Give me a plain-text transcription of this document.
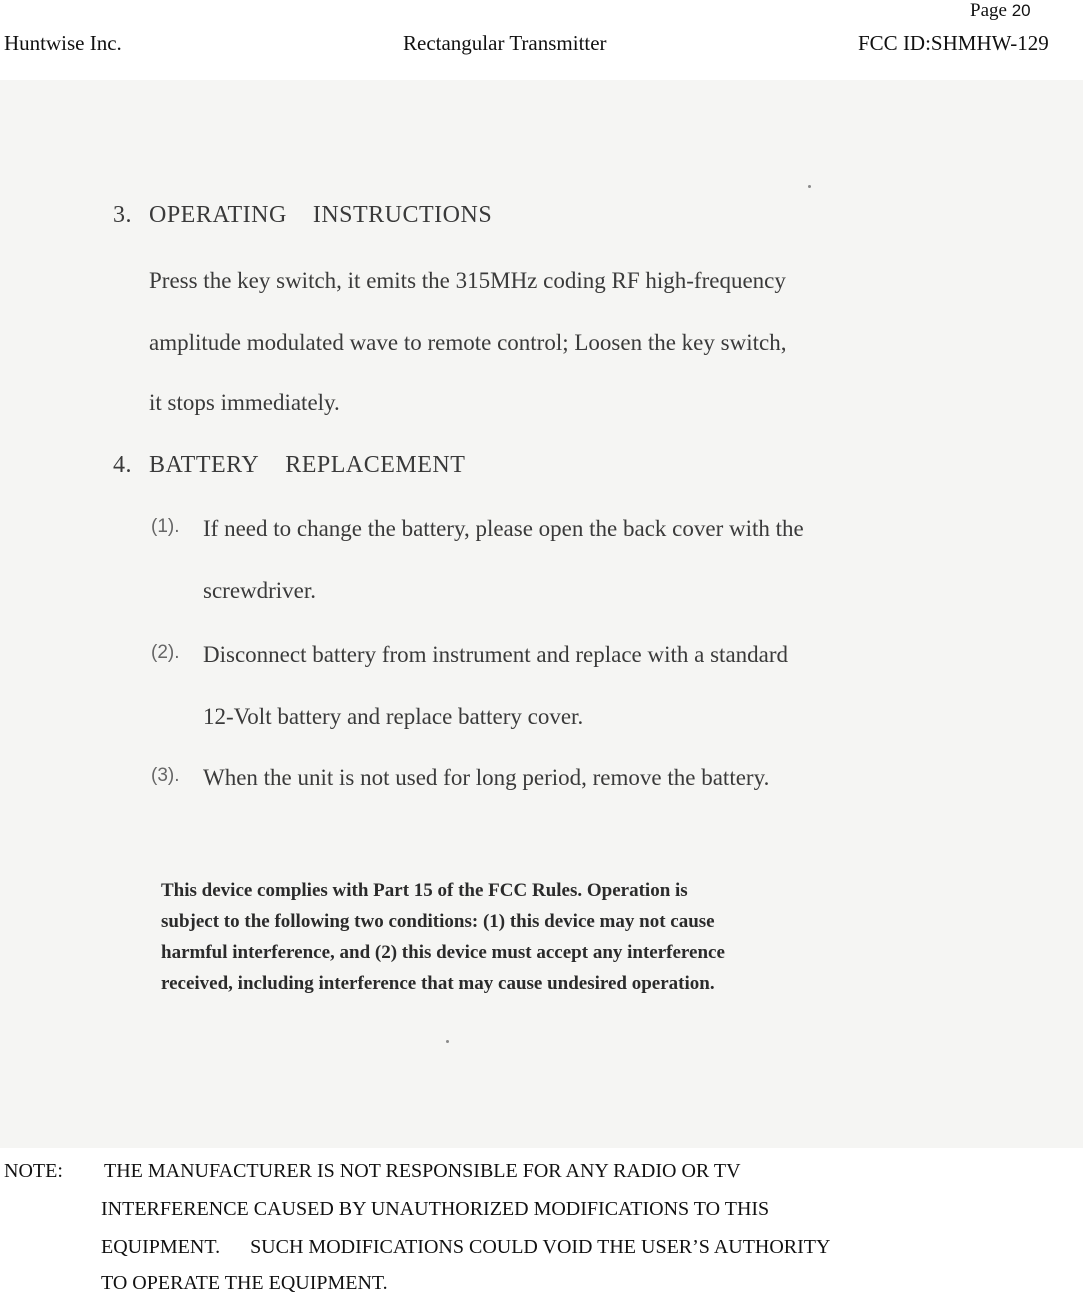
Page 20
Huntwise Inc.	Rectangular Transmitter	FCC ID:SHMHW-129
3. OPERATING INSTRUCTIONS
Press the key switch, it emits the 315MHz coding RF high-frequency
amplitude modulated wave to remote control; Loosen the key switch,
it stops immediately.
4. BATTERY REPLACEMENT
(1). If need to change the battery, please open the back cover with the
screwdriver.
(2). Disconnect battery from instrument and replace with a standard
12-Volt battery and replace battery cover.
(3). When the unit is not used for long period, remove the battery.
This device complies with Part 15 of the FCC Rules. Operation is
subject to the following two conditions: (1) this device may not cause
harmful interference, and (2) this device must accept any interference
received, including interference that may cause undesired operation.
NOTE: THE MANUFACTURER IS NOT RESPONSIBLE FOR ANY RADIO OR TV
INTERFERENCE CAUSED BY UNAUTHORIZED MODIFICATIONS TO THIS
EQUIPMENT.      SUCH MODIFICATIONS COULD VOID THE USER’S AUTHORITY
TO OPERATE THE EQUIPMENT.
